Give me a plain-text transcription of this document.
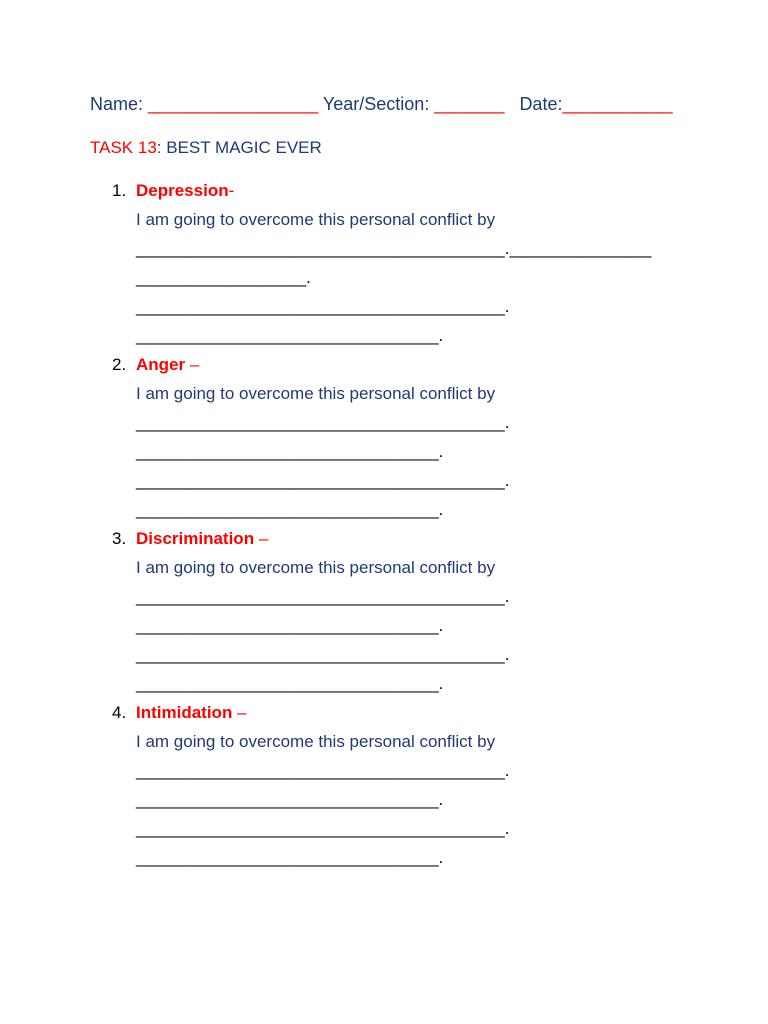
Name: _________________ Year/Section: _______ Date:___________
TASK 13: BEST MAGIC EVER
1. Depression-
I am going to overcome this personal conflict by
_______________________________________._______________
__________________.
_______________________________________.
________________________________.
2. Anger –
I am going to overcome this personal conflict by
_______________________________________.
________________________________.
_______________________________________.
________________________________.
3. Discrimination –
I am going to overcome this personal conflict by
_______________________________________.
________________________________.
_______________________________________.
________________________________.
4. Intimidation –
I am going to overcome this personal conflict by
_______________________________________.
________________________________.
_______________________________________.
________________________________.
